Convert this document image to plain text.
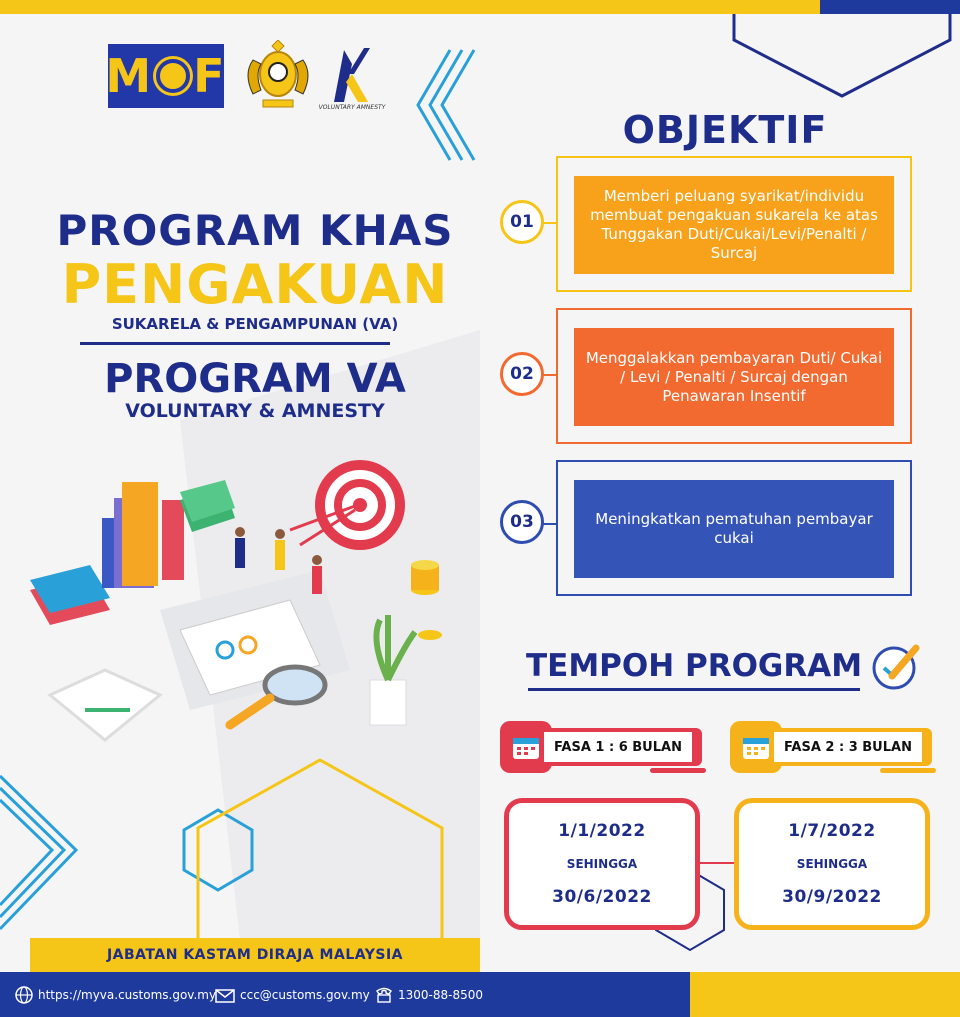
M F
VOLUNTARY AMNESTY
PROGRAM KHAS
PENGAKUAN
SUKARELA & PENGAMPUNAN (VA)
PROGRAM VA
VOLUNTARY & AMNESTY
OBJEKTIF
Memberi peluang syarikat/individu membuat pengakuan sukarela ke atas Tunggakan Duti/Cukai/Levi/Penalti / Surcaj
01
Menggalakkan pembayaran Duti/ Cukai / Levi / Penalti / Surcaj dengan Penawaran Insentif
02
Meningkatkan pematuhan pembayar cukai
03
TEMPOH PROGRAM
FASA 1 : 6 BULAN	FASA 2 : 3 BULAN
1/1/2022
SEHINGGA
30/6/2022
1/7/2022
SEHINGGA
30/9/2022
JABATAN KASTAM DIRAJA MALAYSIA
https://myva.customs.gov.my ccc@customs.gov.my 1300-88-8500
